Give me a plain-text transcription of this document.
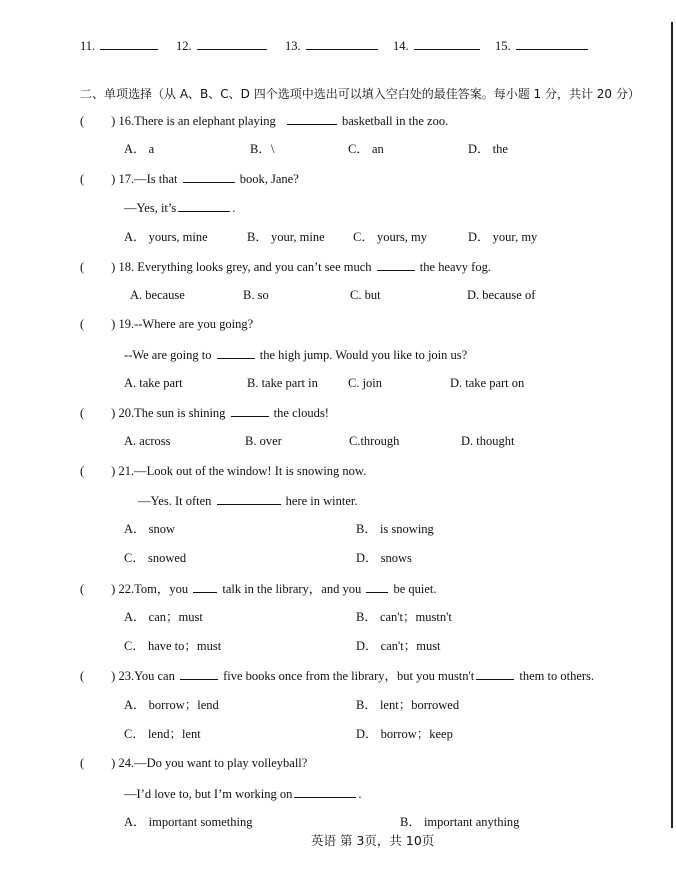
11.	12.	13.	14.	15.
二、单项选择（从 A、B、C、D 四个选项中选出可以填入空白处的最佳答案。每小题 1 分，共计 20 分）
( ) 16.There is an elephant playing	basketball in the zoo.
A． a	B．\	C． an	D． the
( ) 17.—Is that	book, Jane?
—Yes, it’s	.
A． yours, mine	B． your, mine C． yours, my	D． your, my
( ) 18. Everything looks grey, and you can’t see much	the heavy fog.
A. because	B. so	C. but	D. because of
( ) 19.--Where are you going?
--We are going to	the high jump. Would you like to join us?
A. take part	B. take part in C. join	D. take part on
( ) 20.The sun is shining	the clouds!
A. across	B. over	C.through	D. thought
( ) 21.—Look out of the window! It is snowing now.
—Yes. It often	here in winter.
A． snow	B． is snowing
C． snowed	D． snows
( ) 22.Tom，you	talk in the library，and you	be quiet.
A． can；must	B． can't；mustn't
C． have to；must	D． can't；must
( ) 23.You can	five books once from the library，but you mustn't	them to others.
A． borrow；lend	B． lent；borrowed
C． lend；lent	D． borrow；keep
( ) 24.—Do you want to play volleyball?
—I’d love to, but I’m working on	.
A． important something	B． important anything
英语 第 3页，共 10页
